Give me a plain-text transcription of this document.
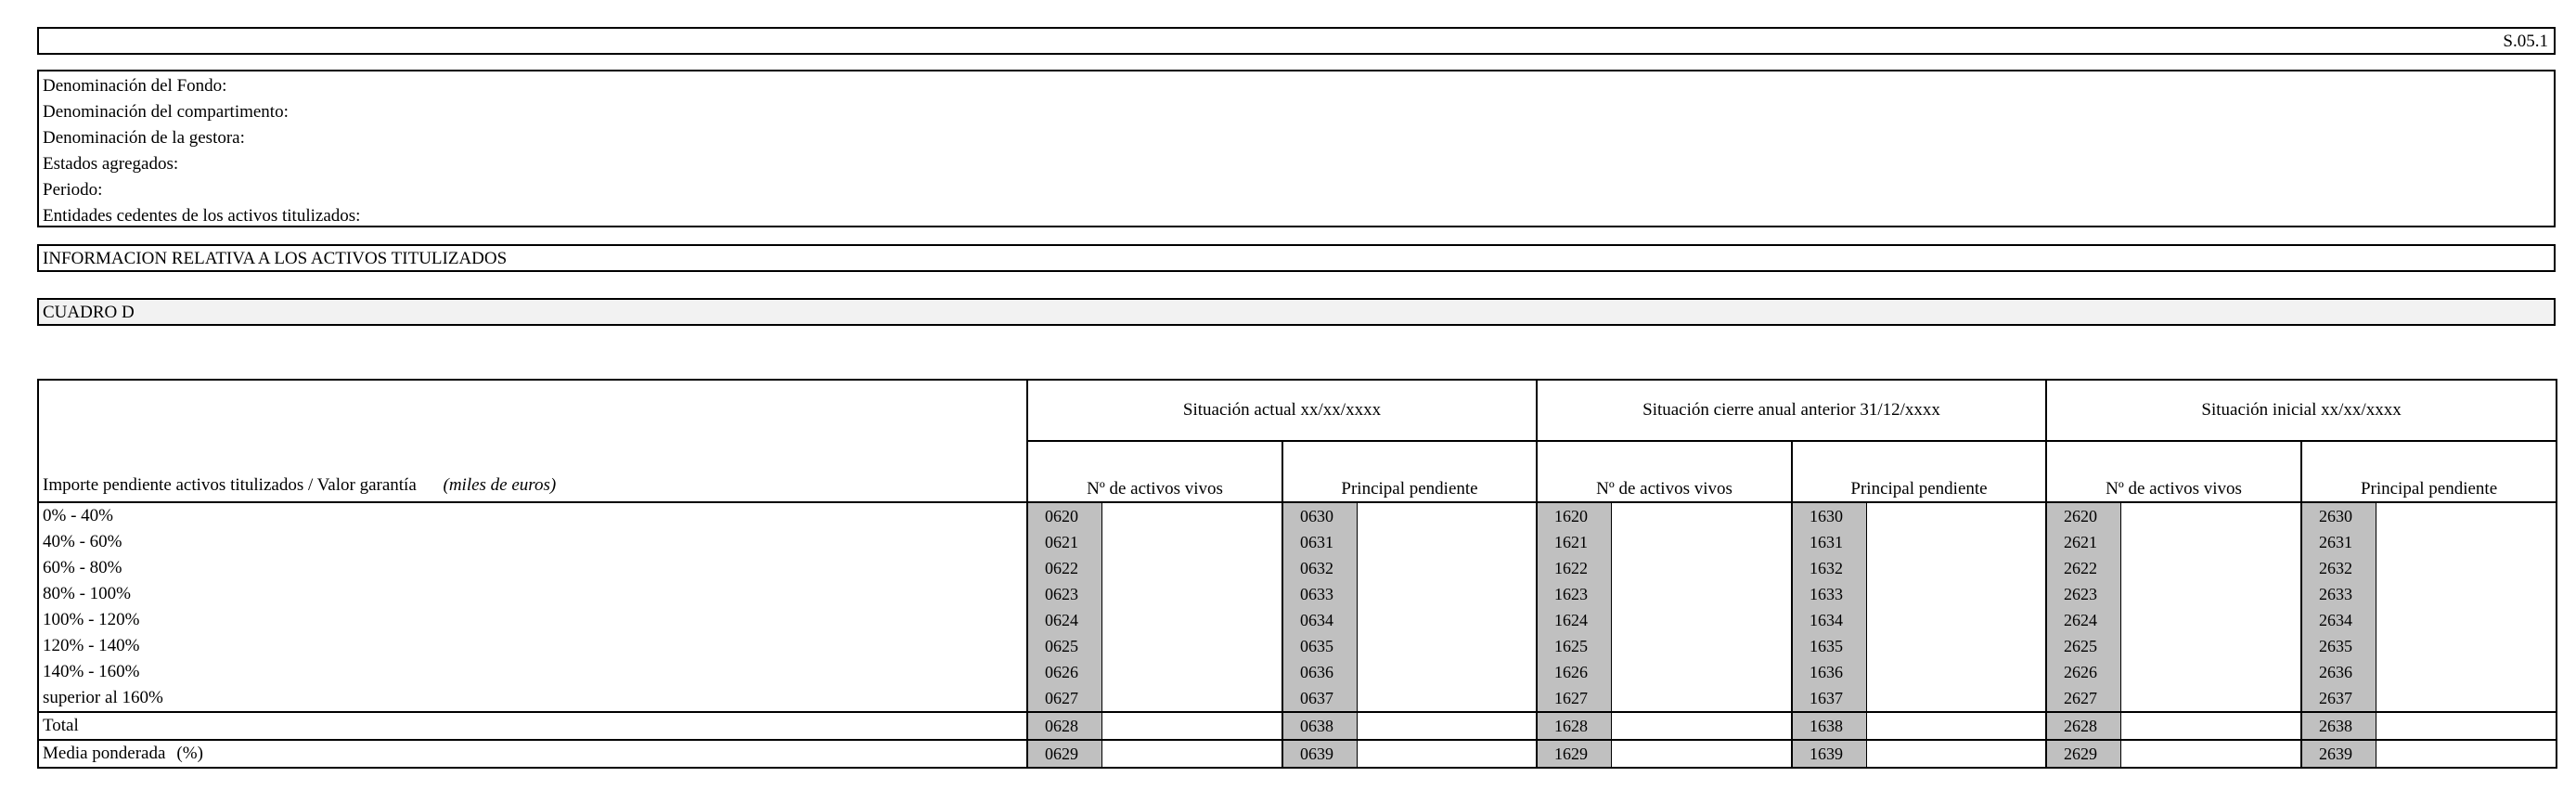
S.05.1
Denominación del Fondo:
Denominación del compartimento:
Denominación de la gestora:
Estados agregados:
Periodo:
Entidades cedentes de los activos titulizados:
INFORMACION RELATIVA A LOS ACTIVOS TITULIZADOS
CUADRO D
Importe pendiente activos titulizados / Valor garantía (miles de euros)	Situación actual xx/xx/xxxx				Situación cierre anual anterior 31/12/xxxx				Situación inicial xx/xx/xxxx			
	Nº de activos vivos		Principal pendiente		Nº de activos vivos		Principal pendiente		Nº de activos vivos		Principal pendiente	
0% - 40%	0620		0630		1620		1630		2620		2630	
40% - 60%	0621		0631		1621		1631		2621		2631	
60% - 80%	0622		0632		1622		1632		2622		2632	
80% - 100%	0623		0633		1623		1633		2623		2633	
100% - 120%	0624		0634		1624		1634		2624		2634	
120% - 140%	0625		0635		1625		1635		2625		2635	
140% - 160%	0626		0636		1626		1636		2626		2636	
superior al 160%	0627		0637		1627		1637		2627		2637	
Total	0628		0638		1628		1638		2628		2638	
Media ponderada (%)	0629		0639		1629		1639		2629		2639	
